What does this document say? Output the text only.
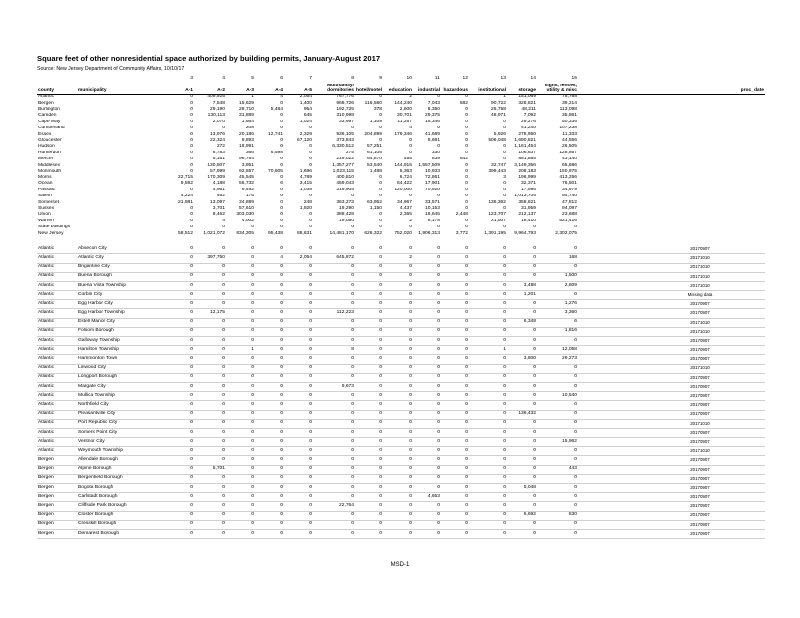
Square feet of other nonresidential space authorized by building permits, January-August 2017
Source: New Jersey Department of Community Affairs, 10/10/17
		3	4	5	6	7	8	9	10	11	12	13	14	15		
county	municipality	A-1	A-2	A-3	A-4	A-5	Multifamily/ dormitories	hotel/motel	education	industrial	hazardous	institutional	storage	signs, fences, utility & misc		proc_date
Atlantic		0	409,925	1	4	2,054	767,776	0	2	0	0	1	151,069	78,768		
Bergen		0	7,548	15,629	0	1,400	968,726	116,580	144,240	7,043	682	90,722	328,821	39,214		
Burlington		0	29,190	28,710	5,484	954	192,725	378	2,600	6,350	0	25,758	48,211	113,098		
Camden		0	130,113	31,889	0	645	310,998	0	30,701	29,375	0	48,971	7,092	35,861		
Cape May		0	2,070	1,664	0	1,024	33,997	1,109	11,257	15,346	0	0	29,276	50,335		
Cumberland		0	0	208	0	0	0	0	4	0	0	0	41,240	107,238		
Essex		0	13,976	20,186	12,741	2,329	936,105	204,899	179,346	41,689	0	5,926	278,950	11,333		
Gloucester		0	22,324	9,893	0	67,120	373,843	0	0	8,681	0	506,048	1,690,821	44,556		
Hudson		0	272	18,991	0	0	6,330,512	57,251	0	0	0	0	1,161,454	26,505		
Hunterdon		0	6,783	366	6,598	0	275	61,105	0	330	0	0	106,637	128,867		
Mercer		0	5,161	98,784	0	0	219,022	64,870	455	839	642	0	881,885	43,140		
Middlesex		0	130,507	3,951	0	0	1,357,277	53,540	144,915	1,557,509	0	32,747	3,149,356	65,686		
Monmouth		0	57,999	92,557	70,605	1,696	1,023,115	1,488	5,363	10,933	0	399,443	208,183	150,975		
Morris		22,715	170,309	45,545	0	4,789	400,810	0	6,724	72,861	0	3	196,999	413,256		
Ocean		9,592	4,188	56,732	6	3,415	459,043	0	64,422	17,901	0	0	32,371	76,501		
Passaic		0	4,961	9,492	0	1,038	316,905	0	120,000	70,920	0	0	17,596	34,979		
Salem		4,224	462	176	0	0	0	0	0	0	0	0	1,013,705	94,740		
Somerset		21,981	13,097	34,889	0	248	363,273	63,952	34,967	33,571	0	136,362	358,621	47,812		
Sussex		0	3,701	57,610	0	1,920	19,290	1,150	4,437	10,153	0	0	31,959	94,097		
Union		0	8,462	303,030	0	0	388,428	0	2,365	16,645	2,448	123,707	212,137	23,688		
Warren		0	4	4,002	0	0	19,050	0	2	6,178	0	21,507	18,410	621,416		
State buildings		0	0	0	0	0	0	0	0	0	0	0	0	0		
New Jersey		58,512	1,021,072	834,305	95,438	88,631	14,481,170	626,322	752,020	1,906,313	3,772	1,391,195	9,964,793	2,302,075		

Atlantic	Absecon City	0	0	0	0	0	0	0	0	0	0	0	0	0		20170907
Atlantic	Atlantic City	0	397,750	0	4	2,054	645,872	0	2	0	0	0	0	168		20171010
Atlantic	Brigantine City	0	0	0	0	0	0	0	0	0	0	0	0	0		20171010
Atlantic	Buena Borough	0	0	0	0	0	0	0	0	0	0	0	0	1,500		20171010
Atlantic	Buena Vista Township	0	0	0	0	0	0	0	0	0	0	0	3,488	2,809		20171010
Atlantic	Corbin City	0	0	0	0	0	0	0	0	0	0	0	1,201	0		Missing data
Atlantic	Egg Harbor City	0	0	0	0	0	0	0	0	0	0	0	0	1,276		20170907
Atlantic	Egg Harbor Township	0	12,175	0	0	0	112,223	0	0	0	0	0	0	3,360		20170907
Atlantic	Estell Manor City	0	0	0	0	0	0	0	0	0	0	0	6,348	6		20171010
Atlantic	Folsom Borough	0	0	0	0	0	0	0	0	0	0	0	0	1,816		20171010
Atlantic	Galloway Township	0	0	0	0	0	0	0	0	0	0	0	0	0		20170907
Atlantic	Hamilton Township	0	0	1	0	0	8	0	0	0	0	1	0	12,058		20170907
Atlantic	Hammonton Town	0	0	0	0	0	0	0	0	0	0	0	3,600	29,273		20170907
Atlantic	Linwood City	0	0	0	0	0	0	0	0	0	0	0	0	0		20171010
Atlantic	Longport Borough	0	0	0	0	0	0	0	0	0	0	0	0	0		20170907
Atlantic	Margate City	0	0	0	0	0	9,673	0	0	0	0	0	0	0		20170907
Atlantic	Mullica Township	0	0	0	0	0	0	0	0	0	0	0	0	10,540		20170907
Atlantic	Northfield City	0	0	0	0	0	0	0	0	0	0	0	0	0		20170907
Atlantic	Pleasantville City	0	0	0	0	0	0	0	0	0	0	0	136,432	0		20170907
Atlantic	Port Republic City	0	0	0	0	0	0	0	0	0	0	0	0	0		20171010
Atlantic	Somers Point City	0	0	0	0	0	0	0	0	0	0	0	0	0		20170907
Atlantic	Ventnor City	0	0	0	0	0	0	0	0	0	0	0	0	15,962		20170907
Atlantic	Weymouth Township	0	0	0	0	0	0	0	0	0	0	0	0	0		20171010
Bergen	Allendale Borough	0	0	0	0	0	0	0	0	0	0	0	0	0		20170907
Bergen	Alpine Borough	0	5,701	0	0	0	0	0	0	0	0	0	0	443		20170907
Bergen	Bergenfield Borough	0	0	0	0	0	0	0	0	0	0	0	0	0		20170907
Bergen	Bogota Borough	0	0	0	0	0	0	0	0	0	0	0	5,048	0		20170907
Bergen	Carlstadt Borough	0	0	0	0	0	0	0	0	4,653	0	0	0	0		20170907
Bergen	Cliffside Park Borough	0	0	0	0	0	22,764	0	0	0	0	0	0	0		20170907
Bergen	Closter Borough	0	0	0	0	0	0	0	0	0	0	0	6,692	530		20170907
Bergen	Cresskill Borough	0	0	0	0	0	0	0	0	0	0	0	0	0		20170907
Bergen	Demarest Borough	0	0	0	0	0	0	0	0	0	0	0	0	0		20170907
MSD-1
